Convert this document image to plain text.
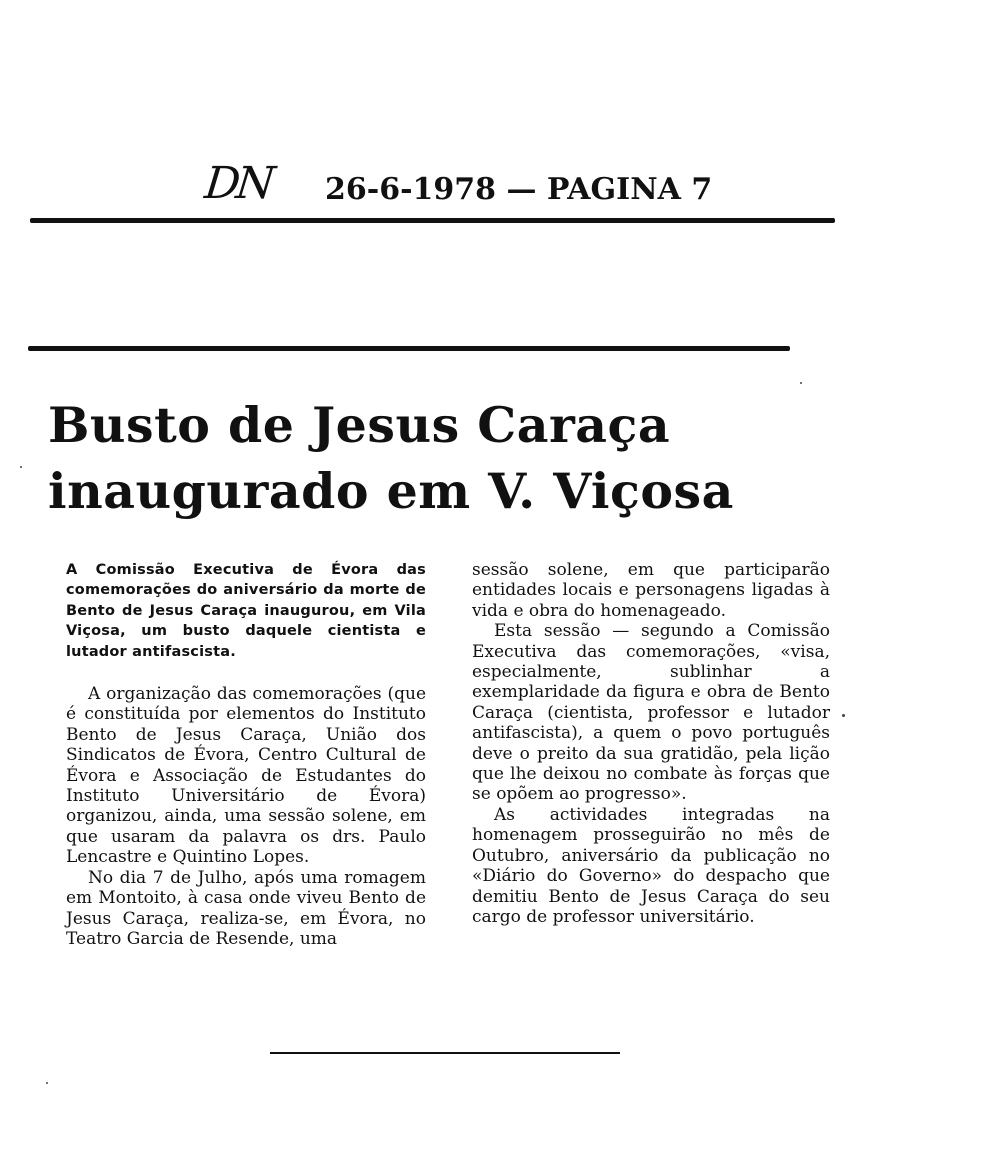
DN 26-6-1978 — PAGINA 7
Busto de Jesus Caraça
inaugurado em V. Viçosa

A Comissão Executiva de Évora das comemorações do aniversário da morte de Bento de Jesus Caraça inaugurou, em Vila Viçosa, um busto daquele cientista e lutador antifascista.

A organização das comemorações (que é constituída por elementos do Instituto Bento de Jesus Caraça, União dos Sindicatos de Évora, Centro Cultural de Évora e Associação de Estudantes do Instituto Universitário de Évora) organizou, ainda, uma sessão solene, em que usaram da palavra os drs. Paulo Lencastre e Quintino Lopes.

No dia 7 de Julho, após uma romagem em Montoito, à casa onde viveu Bento de Jesus Caraça, realiza-se, em Évora, no Teatro Garcia de Resende, uma

sessão solene, em que participarão entidades locais e personagens ligadas à vida e obra do homenageado.

Esta sessão — segundo a Comissão Executiva das comemorações, «visa, especialmente, sublinhar a exemplaridade da figura e obra de Bento Caraça (cientista, professor e lutador antifascista), a quem o povo português deve o preito da sua gratidão, pela lição que lhe deixou no combate às forças que se opõem ao progresso».

As actividades integradas na homenagem prosseguirão no mês de Outubro, aniversário da publicação no «Diário do Governo» do despacho que demitiu Bento de Jesus Caraça do seu cargo de professor universitário.
